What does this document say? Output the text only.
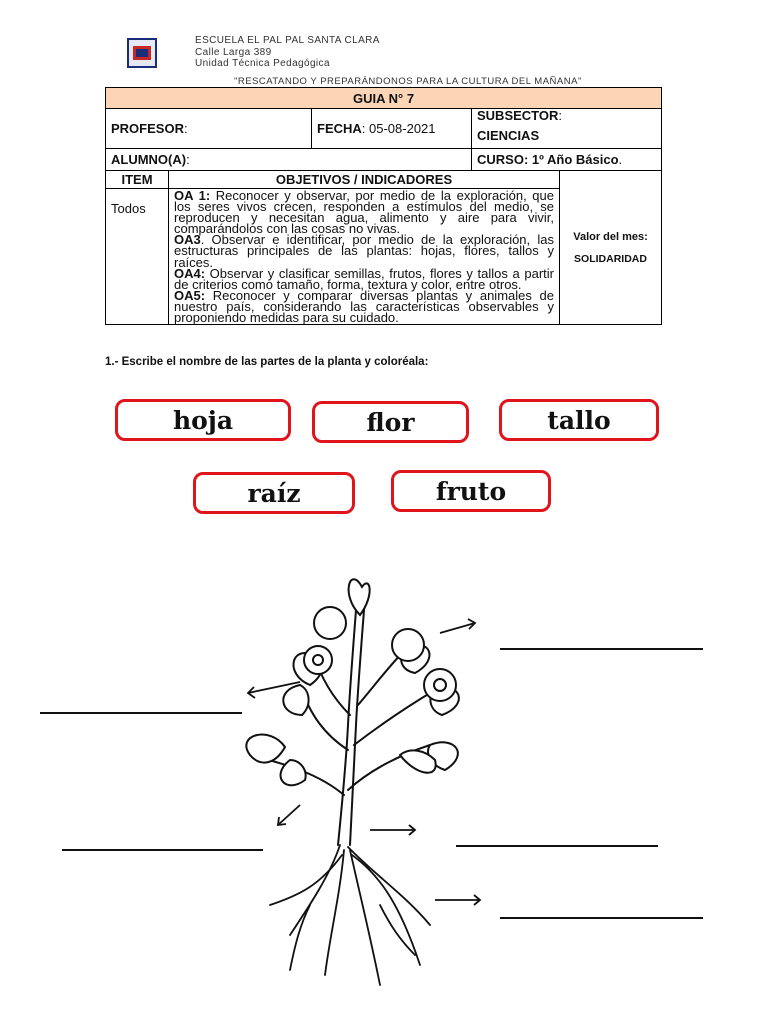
ESCUELA EL PAL PAL SANTA CLARA
Calle Larga 389
Unidad Técnica Pedagógica
"RESCATANDO Y PREPARÁNDONOS PARA LA CULTURA DEL MAÑANA"
GUIA N° 7				
PROFESOR:		FECHA: 05-08-2021	SUBSECTOR:
CIENCIAS	

ALUMNO(A):			CURSO: 1º Año Básico.	
ITEM	OBJETIVOS / INDICADORES			Valor del mes:
SOLIDARIDAD

Todos	OA 1: Reconocer y observar, por medio de la exploración, que los seres vivos crecen, responden a estímulos del medio, se reproducen y necesitan agua, alimento y aire para vivir, comparándolos con las cosas no vivas.
OA3. Observar e identificar, por medio de la exploración, las estructuras principales de las plantas: hojas, flores, tallos y raíces.
OA4: Observar y clasificar semillas, frutos, flores y tallos a partir de criterios como tamaño, forma, textura y color, entre otros.
OA5: Reconocer y comparar diversas plantas y animales de nuestro país, considerando las características observables y proponiendo medidas para su cuidado.			
1.- Escribe el nombre de las partes de la planta y coloréala:
hoja	flor	tallo
raíz	fruto
